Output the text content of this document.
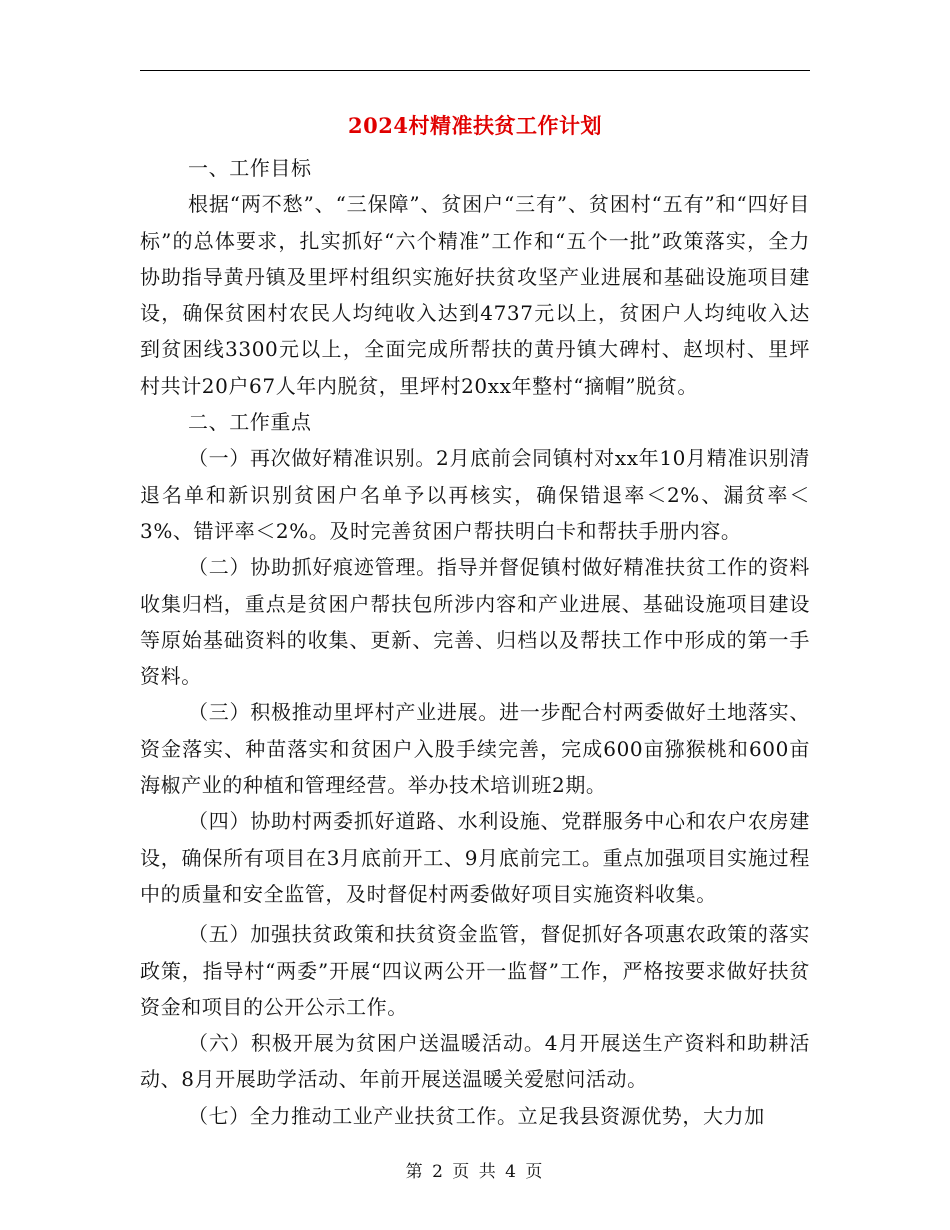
2024村精准扶贫工作计划

一、工作目标

根据“两不愁”、“三保障”、贫困户“三有”、贫困村“五有”和“四好目标”的总体要求，扎实抓好“六个精准”工作和“五个一批”政策落实，全力协助指导黄丹镇及里坪村组织实施好扶贫攻坚产业进展和基础设施项目建设，确保贫困村农民人均纯收入达到4737元以上，贫困户人均纯收入达到贫困线3300元以上，全面完成所帮扶的黄丹镇大碑村、赵坝村、里坪村共计20户67人年内脱贫，里坪村20xx年整村“摘帽”脱贫。

二、工作重点

（一）再次做好精准识别。2月底前会同镇村对xx年10月精准识别清退名单和新识别贫困户名单予以再核实，确保错退率＜2%、漏贫率＜3%、错评率＜2%。及时完善贫困户帮扶明白卡和帮扶手册内容。

（二）协助抓好痕迹管理。指导并督促镇村做好精准扶贫工作的资料收集归档，重点是贫困户帮扶包所涉内容和产业进展、基础设施项目建设等原始基础资料的收集、更新、完善、归档以及帮扶工作中形成的第一手资料。

（三）积极推动里坪村产业进展。进一步配合村两委做好土地落实、资金落实、种苗落实和贫困户入股手续完善，完成600亩猕猴桃和600亩海椒产业的种植和管理经营。举办技术培训班2期。

（四）协助村两委抓好道路、水利设施、党群服务中心和农户农房建设，确保所有项目在3月底前开工、9月底前完工。重点加强项目实施过程中的质量和安全监管，及时督促村两委做好项目实施资料收集。

（五）加强扶贫政策和扶贫资金监管，督促抓好各项惠农政策的落实政策，指导村“两委”开展“四议两公开一监督”工作，严格按要求做好扶贫资金和项目的公开公示工作。

（六）积极开展为贫困户送温暖活动。4月开展送生产资料和助耕活动、8月开展助学活动、年前开展送温暖关爱慰问活动。

（七）全力推动工业产业扶贫工作。立足我县资源优势，大力加

第 2 页 共 4 页
